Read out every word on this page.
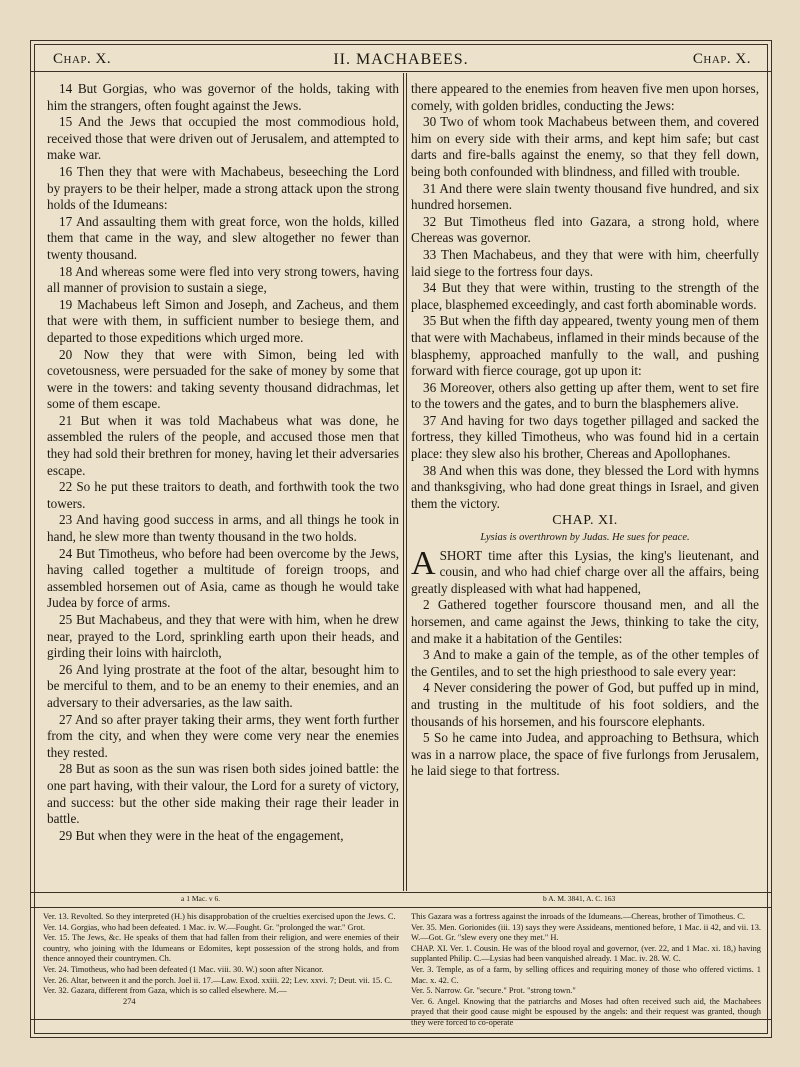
Chap. X.	II. MACHABEES.	Chap. X.

14 But Gorgias, who was governor of the holds, taking with him the strangers, often fought against the Jews.

15 And the Jews that occupied the most commodious hold, received those that were driven out of Jerusalem, and attempted to make war.

16 Then they that were with Machabeus, beseeching the Lord by prayers to be their helper, made a strong attack upon the strong holds of the Idumeans:

17 And assaulting them with great force, won the holds, killed them that came in the way, and slew altogether no fewer than twenty thousand.

18 And whereas some were fled into very strong towers, having all manner of provision to sustain a siege,

19 Machabeus left Simon and Joseph, and Zacheus, and them that were with them, in sufficient number to besiege them, and departed to those expeditions which urged more.

20 Now they that were with Simon, being led with covetousness, were persuaded for the sake of money by some that were in the towers: and taking seventy thousand didrachmas, let some of them escape.

21 But when it was told Machabeus what was done, he assembled the rulers of the people, and accused those men that they had sold their brethren for money, having let their adversaries escape.

22 So he put these traitors to death, and forthwith took the two towers.

23 And having good success in arms, and all things he took in hand, he slew more than twenty thousand in the two holds.

24 But Timotheus, who before had been overcome by the Jews, having called together a multitude of foreign troops, and assembled horsemen out of Asia, came as though he would take Judea by force of arms.

25 But Machabeus, and they that were with him, when he drew near, prayed to the Lord, sprinkling earth upon their heads, and girding their loins with haircloth,

26 And lying prostrate at the foot of the altar, besought him to be merciful to them, and to be an enemy to their enemies, and an adversary to their adversaries, as the law saith.

27 And so after prayer taking their arms, they went forth further from the city, and when they were come very near the enemies they rested.

28 But as soon as the sun was risen both sides joined battle: the one part having, with their valour, the Lord for a surety of victory, and success: but the other side making their rage their leader in battle.

29 But when they were in the heat of the engagement,

there appeared to the enemies from heaven five men upon horses, comely, with golden bridles, conducting the Jews:

30 Two of whom took Machabeus between them, and covered him on every side with their arms, and kept him safe; but cast darts and fire-balls against the enemy, so that they fell down, being both confounded with blindness, and filled with trouble.

31 And there were slain twenty thousand five hundred, and six hundred horsemen.

32 But Timotheus fled into Gazara, a strong hold, where Chereas was governor.

33 Then Machabeus, and they that were with him, cheerfully laid siege to the fortress four days.

34 But they that were within, trusting to the strength of the place, blasphemed exceedingly, and cast forth abominable words.

35 But when the fifth day appeared, twenty young men of them that were with Machabeus, inflamed in their minds because of the blasphemy, approached manfully to the wall, and pushing forward with fierce courage, got up upon it:

36 Moreover, others also getting up after them, went to set fire to the towers and the gates, and to burn the blasphemers alive.

37 And having for two days together pillaged and sacked the fortress, they killed Timotheus, who was found hid in a certain place: they slew also his brother, Chereas and Apollophanes.

38 And when this was done, they blessed the Lord with hymns and thanksgiving, who had done great things in Israel, and given them the victory.

CHAP. XI.

Lysias is overthrown by Judas. He sues for peace.

ASHORT time after this Lysias, the king's lieutenant, and cousin, and who had chief charge over all the affairs, being greatly displeased with what had happened,

2 Gathered together fourscore thousand men, and all the horsemen, and came against the Jews, thinking to take the city, and make it a habitation of the Gentiles:

3 And to make a gain of the temple, as of the other temples of the Gentiles, and to set the high priesthood to sale every year:

4 Never considering the power of God, but puffed up in mind, and trusting in the multitude of his foot soldiers, and the thousands of his horsemen, and his fourscore elephants.

5 So he came into Judea, and approaching to Bethsura, which was in a narrow place, the space of five furlongs from Jerusalem, he laid siege to that fortress.

a 1 Mac. v 6.	b A. M. 3841, A. C. 163

Ver. 13. Revolted. So they interpreted (H.) his disapprobation of the cruelties exercised upon the Jews. C.

Ver. 14. Gorgias, who had been defeated. 1 Mac. iv. W.—Fought. Gr. "prolonged the war." Grot.

Ver. 15. The Jews, &c. He speaks of them that had fallen from their religion, and were enemies of their country, who joining with the Idumeans or Edomites, kept possession of the strong holds, and from thence annoyed their countrymen. Ch.

Ver. 24. Timotheus, who had been defeated (1 Mac. viii. 30. W.) soon after Nicanor.

Ver. 26. Altar, between it and the porch. Joel ii. 17.—Law. Exod. xxiii. 22; Lev. xxvi. 7; Deut. vii. 15. C.

Ver. 32. Gazara, different from Gaza, which is so called elsewhere. M.—

274

This Gazara was a fortress against the inroads of the Idumeans.—Chereas, brother of Timotheus. C.

Ver. 35. Men. Gorionides (iii. 13) says they were Assideans, mentioned before, 1 Mac. ii 42, and vii. 13. W.—Got. Gr. "slew every one they met." H.

CHAP. XI. Ver. 1. Cousin. He was of the blood royal and governor, (ver. 22, and 1 Mac. xi. 18,) having supplanted Philip. C.—Lysias had been vanquished already. 1 Mac. iv. 28. W. C.

Ver. 3. Temple, as of a farm, by selling offices and requiring money of those who offered victims. 1 Mac. x. 42. C.

Ver. 5. Narrow. Gr. "secure." Prot. "strong town."

Ver. 6. Angel. Knowing that the patriarchs and Moses had often received such aid, the Machabees prayed that their good cause might be espoused by the angels: and their request was granted, though they were forced to co-operate
